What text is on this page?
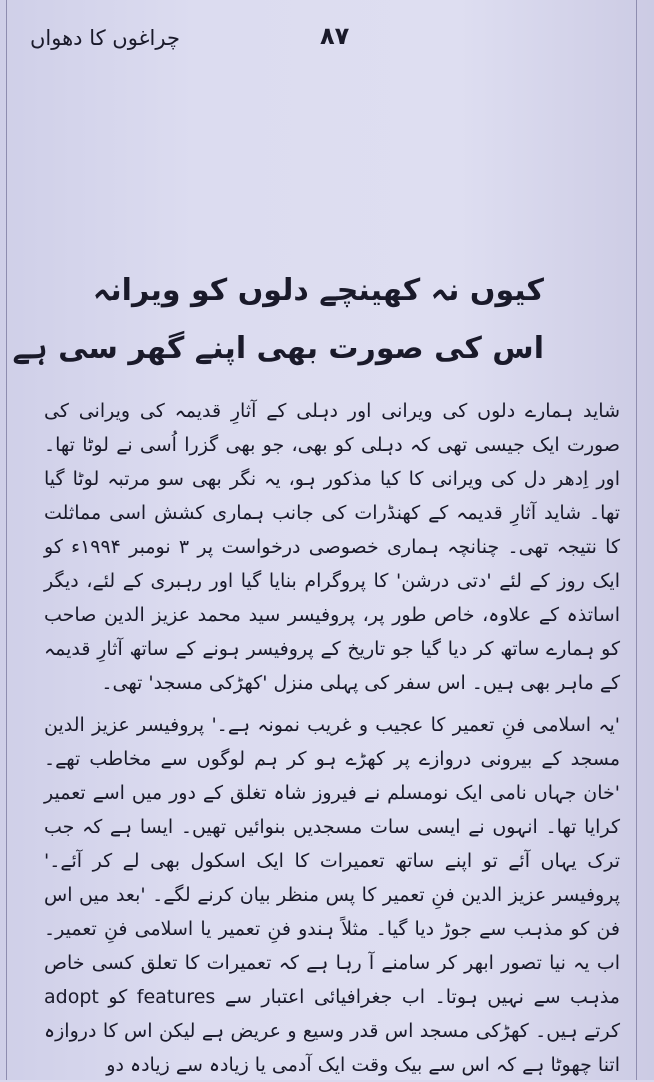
چراغوں کا دھواں	۸۷
کیوں نہ کھینچے دلوں کو ویرانہ
اس کی صورت بھی اپنے گھر سی ہے

شاید ہمارے دلوں کی ویرانی اور دہلی کے آثارِ قدیمہ کی ویرانی کی صورت ایک جیسی تھی کہ دہلی کو بھی، جو بھی گزرا اُسی نے لوٹا تھا۔ اور اِدھر دل کی ویرانی کا کیا مذکور ہو، یہ نگر بھی سو مرتبہ لوٹا گیا تھا۔ شاید آثارِ قدیمہ کے کھنڈرات کی جانب ہماری کشش اسی مماثلت کا نتیجہ تھی۔ چنانچہ ہماری خصوصی درخواست پر ۳ نومبر ۱۹۹۴ء کو ایک روز کے لئے 'دتی درشن' کا پروگرام بنایا گیا اور رہبری کے لئے، دیگر اساتذہ کے علاوہ، خاص طور پر، پروفیسر سید محمد عزیز الدین صاحب کو ہمارے ساتھ کر دیا گیا جو تاریخ کے پروفیسر ہونے کے ساتھ آثارِ قدیمہ کے ماہر بھی ہیں۔ اس سفر کی پہلی منزل 'کھڑکی مسجد' تھی۔

'یہ اسلامی فنِ تعمیر کا عجیب و غریب نمونہ ہے۔' پروفیسر عزیز الدین مسجد کے بیرونی دروازے پر کھڑے ہو کر ہم لوگوں سے مخاطب تھے۔ 'خان جہاں نامی ایک نومسلم نے فیروز شاہ تغلق کے دور میں اسے تعمیر کرایا تھا۔ انہوں نے ایسی سات مسجدیں بنوائیں تھیں۔ ایسا ہے کہ جب ترک یہاں آئے تو اپنے ساتھ تعمیرات کا ایک اسکول بھی لے کر آئے۔' پروفیسر عزیز الدین فنِ تعمیر کا پس منظر بیان کرنے لگے۔ 'بعد میں اس فن کو مذہب سے جوڑ دیا گیا۔ مثلاً ہندو فنِ تعمیر یا اسلامی فنِ تعمیر۔ اب یہ نیا تصور ابھر کر سامنے آ رہا ہے کہ تعمیرات کا تعلق کسی خاص مذہب سے نہیں ہوتا۔ اب جغرافیائی اعتبار سے features کو adopt کرتے ہیں۔ کھڑکی مسجد اس قدر وسیع و عریض ہے لیکن اس کا دروازہ اتنا چھوٹا ہے کہ اس سے بیک وقت ایک آدمی یا زیادہ سے زیادہ دو
